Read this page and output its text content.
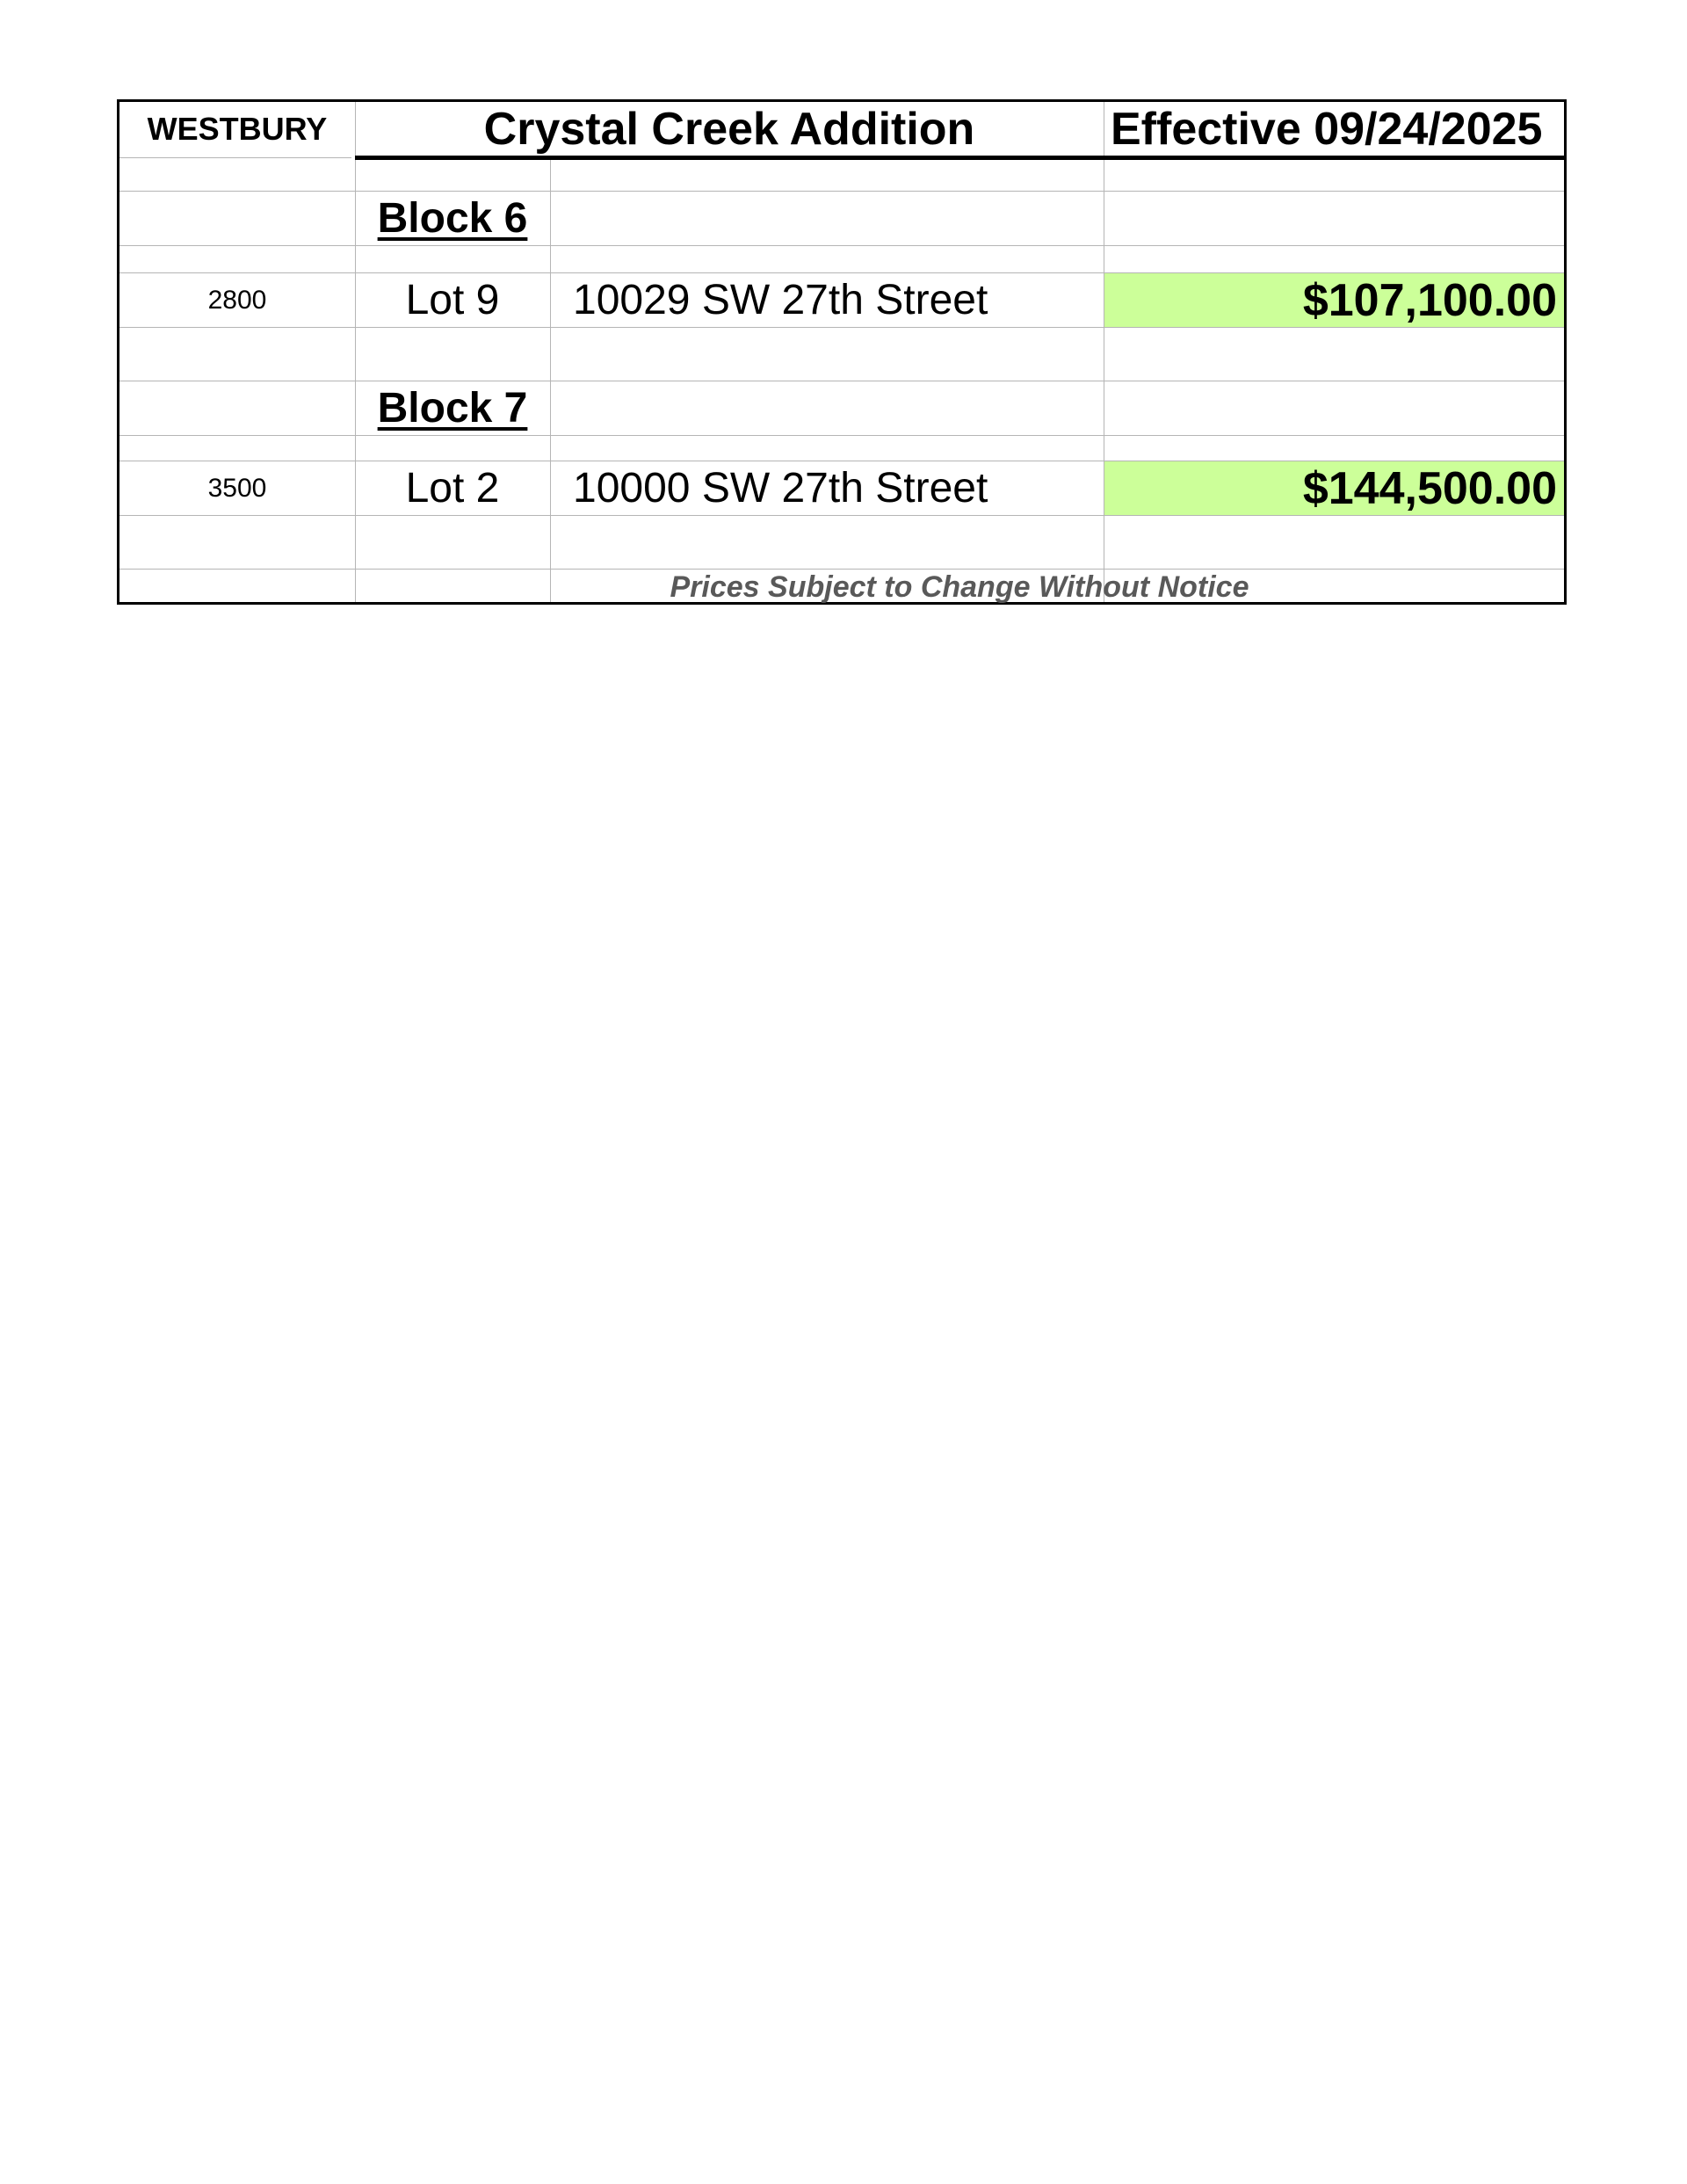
WESTBURY	Crystal Creek Addition	Effective 09/24/2025
Block 6
2800	Lot 9	10029 SW 27th Street	$107,100.00
Block 7
3500	Lot 2	10000 SW 27th Street	$144,500.00
Prices Subject to Change Without Notice
